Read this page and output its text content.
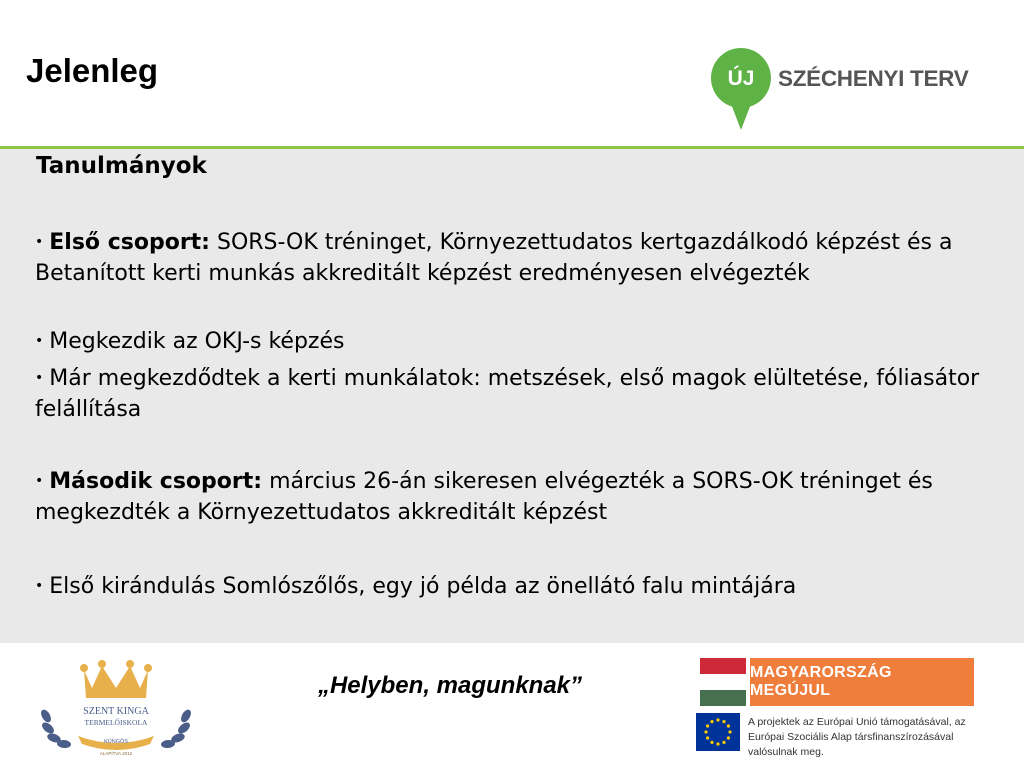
Jelenleg	ÚJ SZÉCHENYI TERV
Tanulmányok
• Első csoport: SORS-OK tréninget, Környezettudatos kertgazdálkodó képzést és a Betanított kerti munkás akkreditált képzést eredményesen elvégezték
• Megkezdik az OKJ-s képzés
• Már megkezdődtek a kerti munkálatok: metszések, első magok elültetése, fóliasátor felállítása
• Második csoport: március 26-án sikeresen elvégezték a SORS-OK tréninget és megkezdték a Környezettudatos akkreditált képzést
• Első kirándulás Somlószőlős, egy jó példa az önellátó falu mintájára
SZENT KINGA
TERMELŐISKOLA
KÜNGÖS
ALAPÍTVA 2012
„Helyben, magunknak”	MAGYARORSZÁG MEGÚJUL
A projektek az Európai Unió támogatásával, az Európai Szociális Alap társfinanszírozásával valósulnak meg.
